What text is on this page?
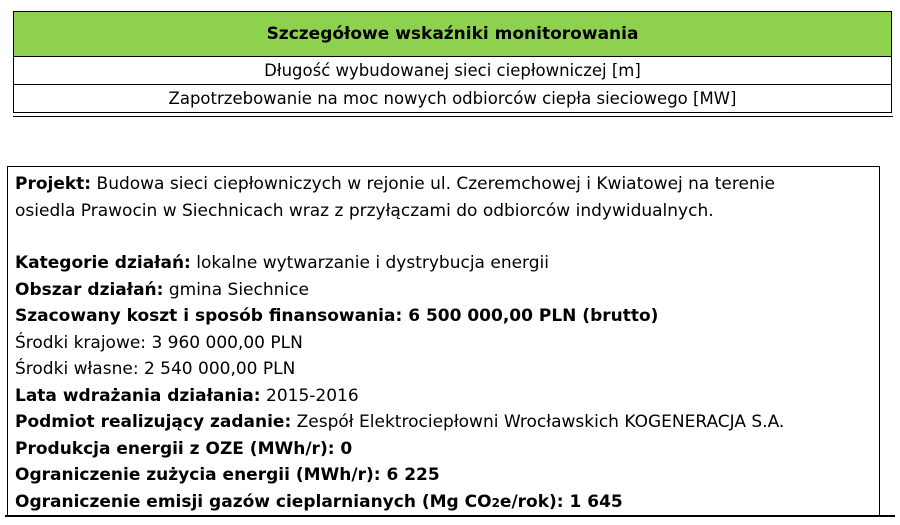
Szczegółowe wskaźniki monitorowania
Długość wybudowanej sieci ciepłowniczej [m]
Zapotrzebowanie na moc nowych odbiorców ciepła sieciowego [MW]

Projekt: Budowa sieci ciepłowniczych w rejonie ul. Czeremchowej i Kwiatowej na terenie

osiedla Prawocin w Siechnicach wraz z przyłączami do odbiorców indywidualnych.

Kategorie działań: lokalne wytwarzanie i dystrybucja energii

Obszar działań: gmina Siechnice

Szacowany koszt i sposób finansowania: 6 500 000,00 PLN (brutto)

Środki krajowe: 3 960 000,00 PLN

Środki własne: 2 540 000,00 PLN

Lata wdrażania działania: 2015-2016

Podmiot realizujący zadanie: Zespół Elektrociepłowni Wrocławskich KOGENERACJA S.A.

Produkcja energii z OZE (MWh/r): 0

Ograniczenie zużycia energii (MWh/r): 6 225

Ograniczenie emisji gazów cieplarnianych (Mg CO2e/rok): 1 645
